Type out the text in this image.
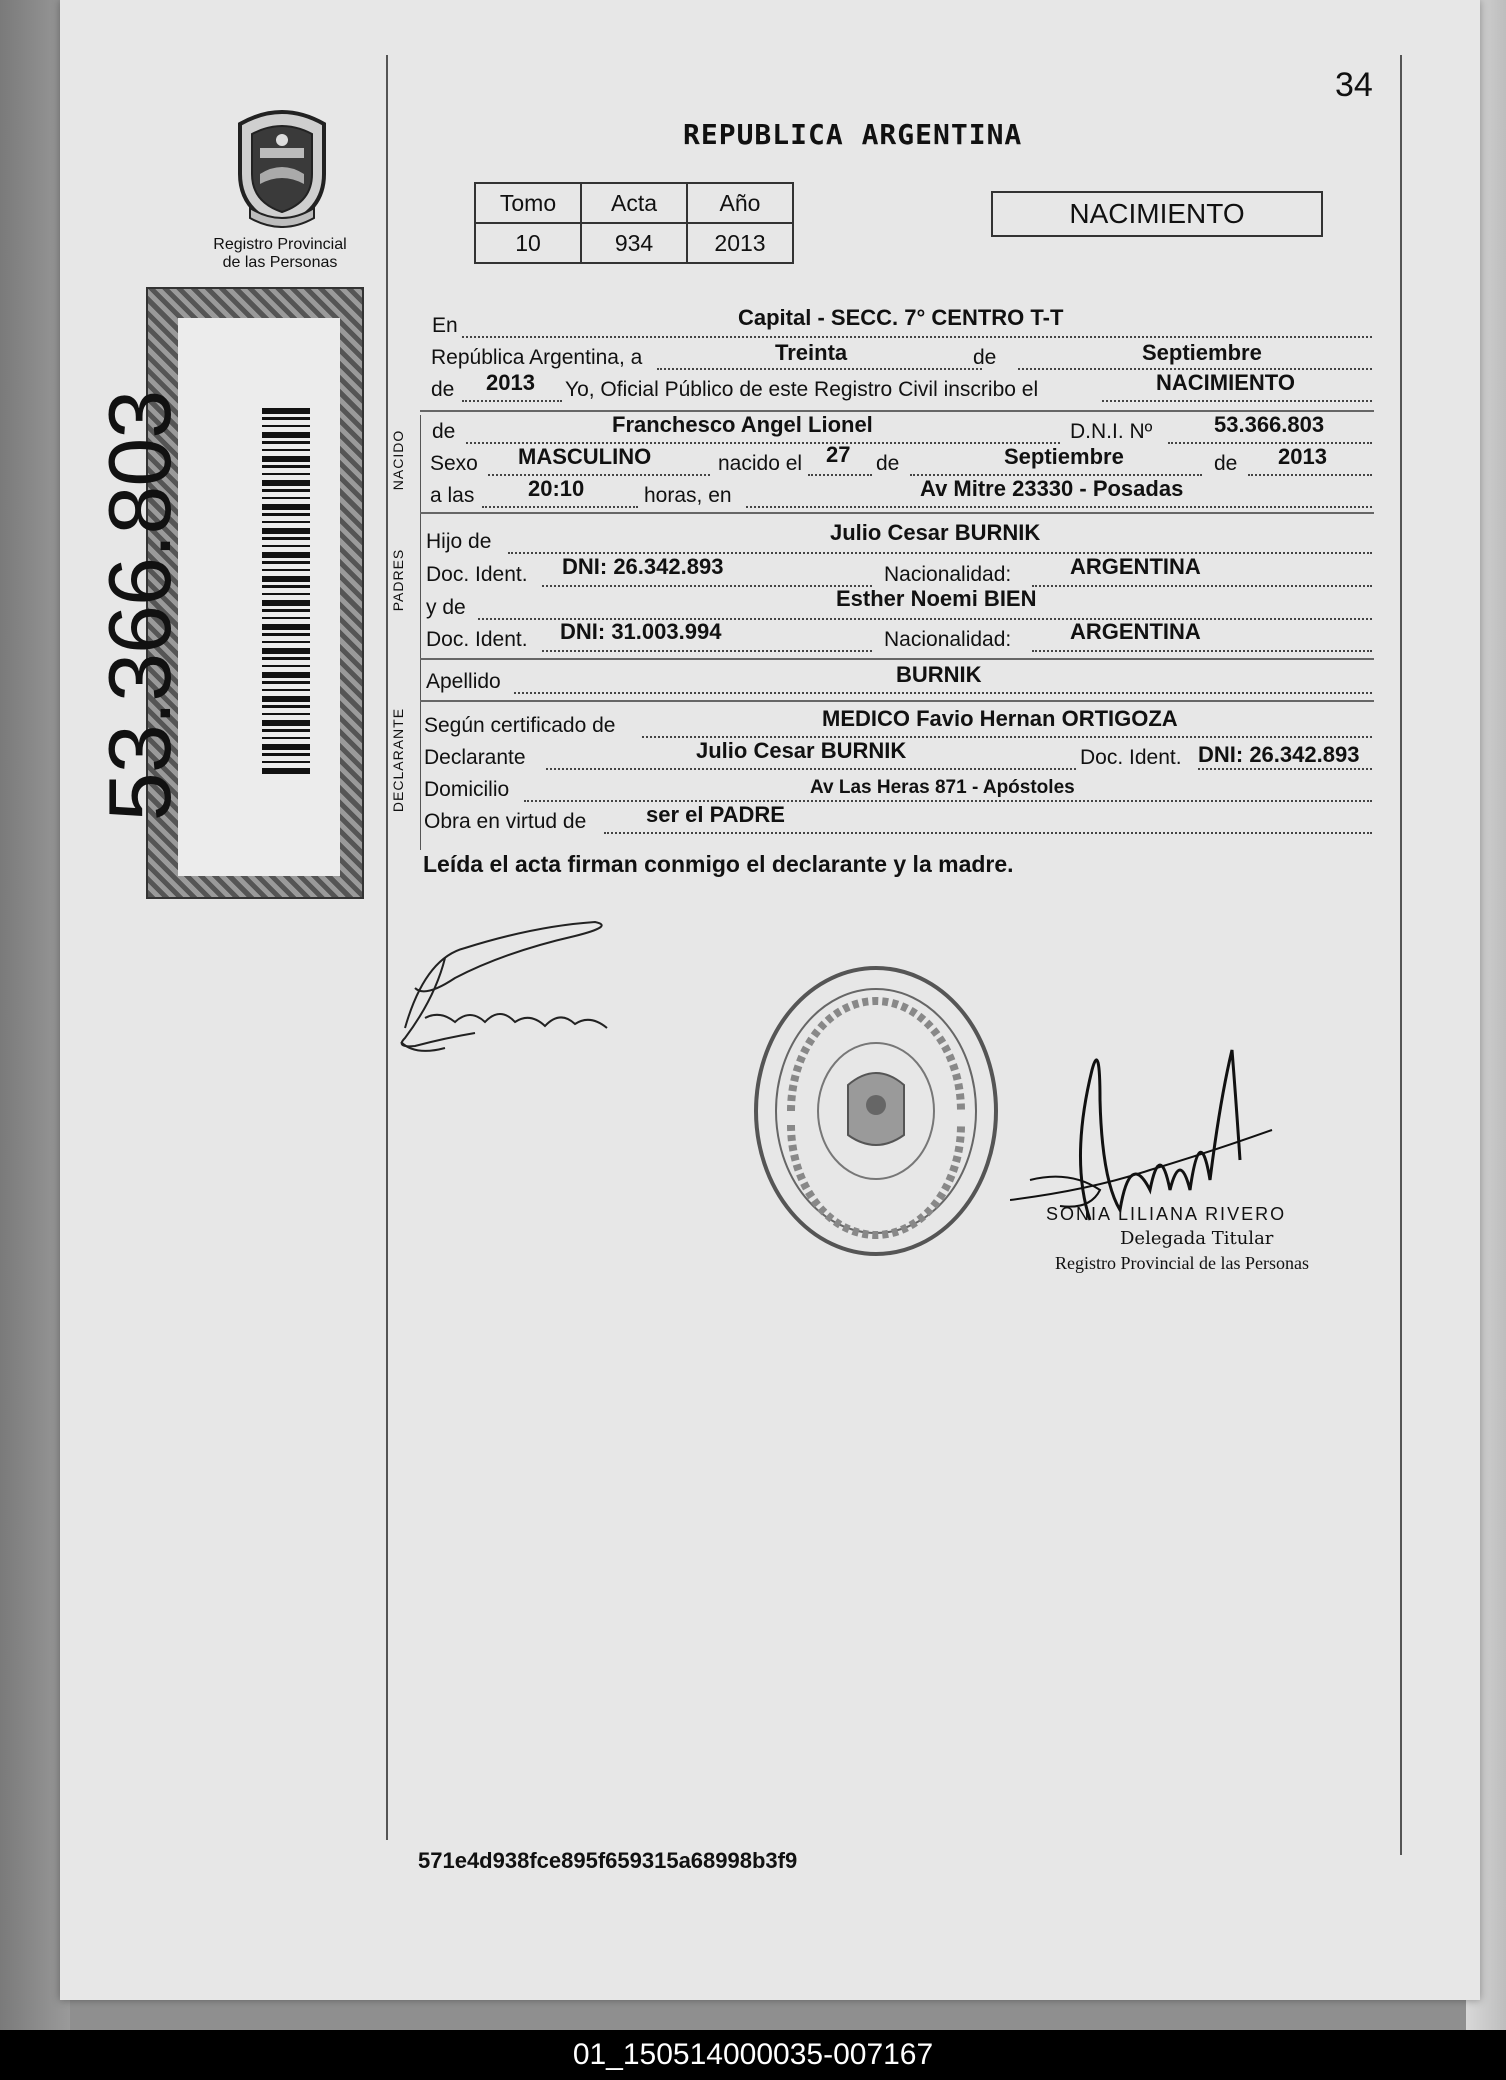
34
REPUBLICA ARGENTINA
Tomo	Acta	Año
10	934	2013
NACIMIENTO
Registro Provincial
de las Personas
53.366.803	NACIDO
PADRES
DECLARANTE
En	Capital - SECC. 7° CENTRO T-T
República Argentina, a	Treinta	de	Septiembre
de 2013 Yo, Oficial Público de este Registro Civil inscribo el	NACIMIENTO
de	Franchesco Angel Lionel	D.N.I. Nº	53.366.803
Sexo MASCULINO	nacido el 27 de	Septiembre	de 2013
a las 20:10	horas, en	Av Mitre 23330 - Posadas
Hijo de	Julio Cesar BURNIK
Doc. Ident. DNI: 26.342.893	Nacionalidad:	ARGENTINA
y de	Esther Noemi BIEN
Doc. Ident. DNI: 31.003.994	Nacionalidad:	ARGENTINA
Apellido	BURNIK
Según certificado de	MEDICO Favio Hernan ORTIGOZA
Declarante	Julio Cesar BURNIK	Doc. Ident. DNI: 26.342.893
Domicilio	Av Las Heras 871 - Apóstoles
Obra en virtud de	ser el PADRE
Leída el acta firman conmigo el declarante y la madre.
SONIA LILIANA RIVERO
Delegada Titular
Registro Provincial de las Personas
571e4d938fce895f659315a68998b3f9
01_150514000035-007167
